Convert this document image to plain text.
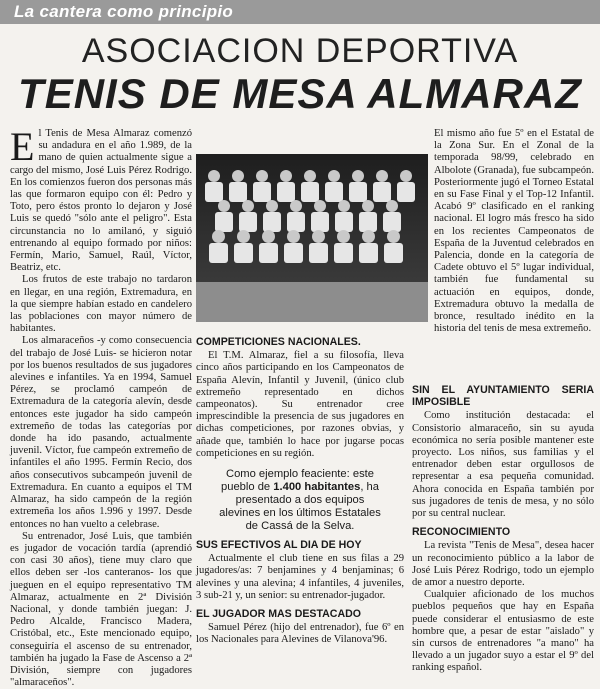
La cantera como principio
ASOCIACION DEPORTIVA
TENIS DE MESA ALMARAZ

El Tenis de Mesa Almaraz comenzó su andadura en el año 1.989, de la mano de quien actualmente sigue a cargo del mismo, José Luis Pérez Rodrigo. En los comienzos fueron dos personas más las que formaron equipo con él: Pedro y Toto, pero éstos pronto lo dejaron y José Luis se quedó "sólo ante el peligro". Esta circunstancia no lo amilanó, y siguió entrenando al equipo formado por niños: Fermín, Mario, Samuel, Raúl, Víctor, Beatriz, etc.

Los frutos de este trabajo no tardaron en llegar, en una región, Extremadura, en la que siempre habían estado en candelero las poblaciones con mayor número de habitantes.

Los almaraceños -y como consecuencia del trabajo de José Luis- se hicieron notar por los buenos resultados de sus jugadores alevines e infantiles. Ya en 1994, Samuel Pérez, se proclamó campeón de Extremadura de la categoría alevín, desde entonces este jugador ha sido campeón extremeño de todas las categorías por donde ha ido pasando, actualmente juvenil. Víctor, fue campeón extremeño de infantiles el año 1995. Fermín Recio, dos años consecutivos subcampeón juvenil de Extremadura. En cuanto a equipos el TM Almaraz, ha sido campeón de la región extremeña los años 1.996 y 1997. Desde entonces no han vuelto a celebrase.

Su entrenador, José Luis, que también es jugador de vocación tardía (aprendió con casi 30 años), tiene muy claro que ellos deben ser -los canteranos- los que jueguen en el equipo representativo TM Almaraz, actualmente en 2ª División Nacional, y donde también juegan: J. Pedro Alcalde, Francisco Madera, Cristóbal, etc., Este mencionado equipo, conseguiría el ascenso de su entrenador, también ha jugado la Fase de Ascenso a 2ª División, siempre con jugadores "almaraceños".

El mismo año fue 5º en el Estatal de la Zona Sur. En el Zonal de la temporada 98/99, celebrado en Albolote (Granada), fue subcampeón. Posteriormente jugó el Torneo Estatal en su Fase Final y el Top-12 Infantil. Acabó 9º clasificado en el ranking nacional. El logro más fresco ha sido en los recientes Campeonatos de España de la Juventud celebrados en Palencia, donde en la categoría de Cadete obtuvo el 5º lugar individual, también fue fundamental su actuación en equipos, donde, Extremadura obtuvo la medalla de bronce, resultado inédito en la historia del tenis de mesa extremeño.

COMPETICIONES NACIONALES.

El T.M. Almaraz, fiel a su filosofía, lleva cinco años participando en los Campeonatos de España Alevín, Infantil y Juvenil, (único club extremeño representado en dichos campeonatos). Su entrenador cree imprescindible la presencia de sus jugadores en dichas competiciones, por razones obvias, y añade que, también lo hace por jugarse pocas competiciones en su región.

Como ejemplo feaciente: este pueblo de 1.400 habitantes, ha presentado a dos equipos alevines en los últimos Estatales de Cassá de la Selva.
SUS EFECTIVOS AL DIA DE HOY

Actualmente el club tiene en sus filas a 29 jugadores/as: 7 benjamines y 4 benjaminas; 6 alevines y una alevina; 4 infantiles, 4 juveniles, 3 sub-21 y, un senior: su entrenador-jugador.

EL JUGADOR MAS DESTACADO

Samuel Pérez (hijo del entrenador), fue 6º en los Nacionales para Alevines de Vilanova'96.

SIN EL AYUNTAMIENTO SERIA IMPOSIBLE

Como institución destacada: el Consistorio almaraceño, sin su ayuda económica no sería posible mantener este proyecto. Los niños, sus familias y el entrenador deben estar orgullosos de representar a esa pequeña comunidad. Ahora conocida en España también por sus jugadores de tenis de mesa, y no sólo por su central nuclear.

RECONOCIMIENTO

La revista "Tenis de Mesa", desea hacer un reconocimiento público a la labor de José Luis Pérez Rodrigo, todo un ejemplo de amor a nuestro deporte.

Cualquier aficionado de los muchos pueblos pequeños que hay en España puede considerar el entusiasmo de este hombre que, a pesar de estar "aislado" y sin cursos de entrenadores "a mano" ha llevado a un jugador suyo a estar el 9º del ranking español.
